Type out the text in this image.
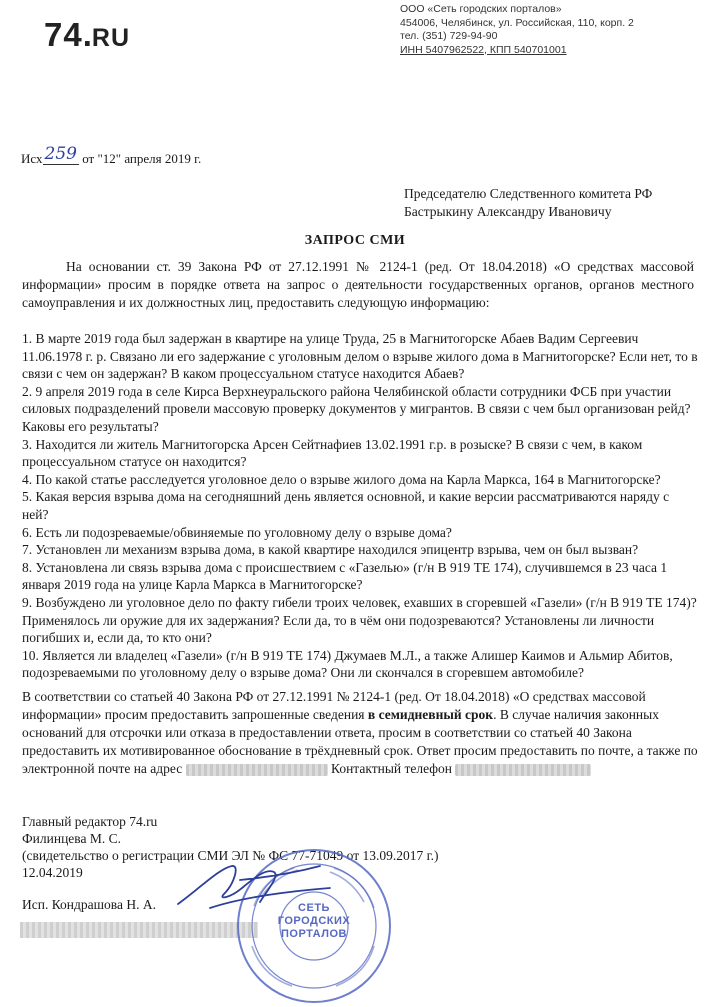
74.RU
ООО «Сеть городских порталов»
454006, Челябинск, ул. Российская, 110, корп. 2
тел. (351) 729-94-90
ИНН 5407962522, КПП 540701001
Исх 259 от "12" апреля 2019 г.
Председателю Следственного комитета РФ
Бастрыкину Александру Ивановичу
ЗАПРОС СМИ
На основании ст. 39 Закона РФ от 27.12.1991 № 2124-1 (ред. От 18.04.2018) «О средствах массовой информации» просим в порядке ответа на запрос о деятельности государственных органов, органов местного самоуправления и их должностных лиц, предоставить следующую информацию:

1. В марте 2019 года был задержан в квартире на улице Труда, 25 в Магнитогорске Абаев Вадим Сергеевич 11.06.1978 г. р. Связано ли его задержание с уголовным делом о взрыве жилого дома в Магнитогорске? Если нет, то в связи с чем он задержан? В каком процессуальном статусе находится Абаев?

2. 9 апреля 2019 года в селе Кирса Верхнеуральского района Челябинской области сотрудники ФСБ при участии силовых подразделений провели массовую проверку документов у мигрантов. В связи с чем был организован рейд? Каковы его результаты?

3. Находится ли житель Магнитогорска Арсен Сейтнафиев 13.02.1991 г.р. в розыске? В связи с чем, в каком процессуальном статусе он находится?

4. По какой статье расследуется уголовное дело о взрыве жилого дома на Карла Маркса, 164 в Магнитогорске?

5. Какая версия взрыва дома на сегодняшний день является основной, и какие версии рассматриваются наряду с ней?

6. Есть ли подозреваемые/обвиняемые по уголовному делу о взрыве дома?

7. Установлен ли механизм взрыва дома, в какой квартире находился эпицентр взрыва, чем он был вызван?

8. Установлена ли связь взрыва дома с происшествием с «Газелью» (г/н В 919 ТЕ 174), случившемся в 23 часа 1 января 2019 года на улице Карла Маркса в Магнитогорске?

9. Возбуждено ли уголовное дело по факту гибели троих человек, ехавших в сгоревшей «Газели» (г/н В 919 ТЕ 174)? Применялось ли оружие для их задержания? Если да, то в чём они подозреваются? Установлены ли личности погибших и, если да, то кто они?

10. Является ли владелец «Газели» (г/н В 919 ТЕ 174) Джумаев М.Л., а также Алишер Каимов и Альмир Абитов, подозреваемыми по уголовному делу о взрыве дома? Они ли скончался в сгоревшем автомобиле?

В соответствии со статьей 40 Закона РФ от 27.12.1991 № 2124-1 (ред. От 18.04.2018) «О средствах массовой информации» просим предоставить запрошенные сведения в семидневный срок. В случае наличия законных оснований для отсрочки или отказа в предоставлении ответа, просим в соответствии со статьей 40 Закона предоставить их мотивированное обоснование в трёхдневный срок. Ответ просим предоставить по почте, а также по электронной почте на адрес	Контактный телефон
Главный редактор 74.ru
Филинцева М. С.
(свидетельство о регистрации СМИ ЭЛ № ФС 77-71049 от 13.09.2017 г.)
12.04.2019
Исп. Кондрашова Н. А.	СЕТЬ
ГОРОДСКИХ
ПОРТАЛОВ
